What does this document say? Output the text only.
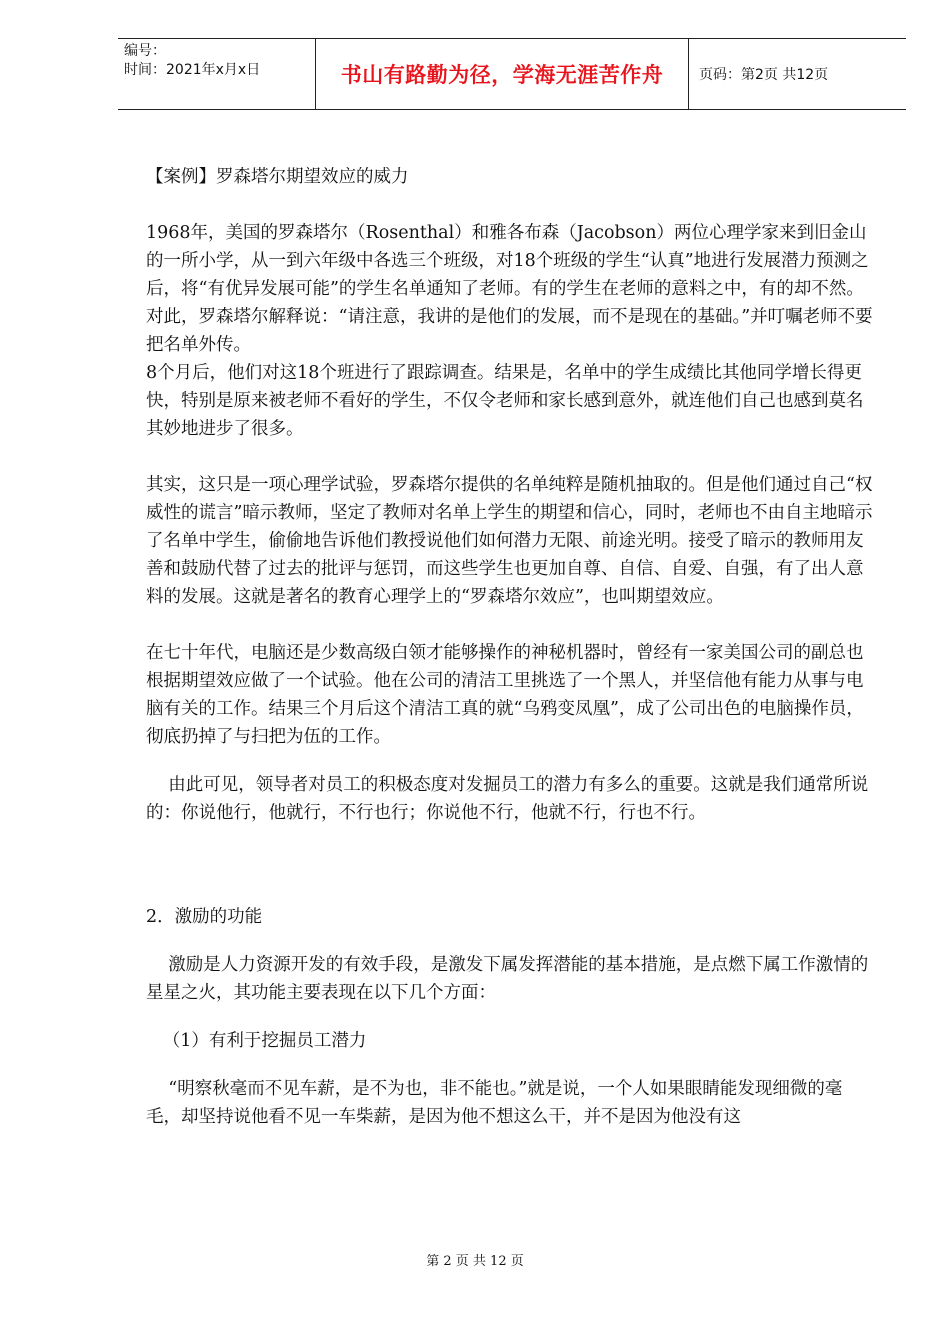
编号：
时间：2021年x月x日	书山有路勤为径，学海无涯苦作舟	页码：第2页 共12页

【案例】罗森塔尔期望效应的威力

1968年，美国的罗森塔尔（Rosenthal）和雅各布森（Jacobson）两位心理学家来到旧金山的一所小学，从一到六年级中各选三个班级，对18个班级的学生“认真”地进行发展潜力预测之后，将“有优异发展可能”的学生名单通知了老师。有的学生在老师的意料之中，有的却不然。对此，罗森塔尔解释说：“请注意，我讲的是他们的发展，而不是现在的基础。”并叮嘱老师不要把名单外传。

8个月后，他们对这18个班进行了跟踪调查。结果是，名单中的学生成绩比其他同学增长得更快，特别是原来被老师不看好的学生，不仅令老师和家长感到意外，就连他们自己也感到莫名其妙地进步了很多。

其实，这只是一项心理学试验，罗森塔尔提供的名单纯粹是随机抽取的。但是他们通过自己“权威性的谎言”暗示教师，坚定了教师对名单上学生的期望和信心，同时，老师也不由自主地暗示了名单中学生，偷偷地告诉他们教授说他们如何潜力无限、前途光明。接受了暗示的教师用友善和鼓励代替了过去的批评与惩罚，而这些学生也更加自尊、自信、自爱、自强，有了出人意料的发展。这就是著名的教育心理学上的“罗森塔尔效应”，也叫期望效应。

在七十年代，电脑还是少数高级白领才能够操作的神秘机器时，曾经有一家美国公司的副总也根据期望效应做了一个试验。他在公司的清洁工里挑选了一个黑人，并坚信他有能力从事与电脑有关的工作。结果三个月后这个清洁工真的就“乌鸦变凤凰”，成了公司出色的电脑操作员，彻底扔掉了与扫把为伍的工作。

由此可见，领导者对员工的积极态度对发掘员工的潜力有多么的重要。这就是我们通常所说的：你说他行，他就行，不行也行；你说他不行，他就不行，行也不行。

2．激励的功能

激励是人力资源开发的有效手段，是激发下属发挥潜能的基本措施，是点燃下属工作激情的星星之火，其功能主要表现在以下几个方面：

（1）有利于挖掘员工潜力

“明察秋毫而不见车薪，是不为也，非不能也。”就是说，一个人如果眼睛能发现细微的毫毛，却坚持说他看不见一车柴薪，是因为他不想这么干，并不是因为他没有这

第 2 页 共 12 页
